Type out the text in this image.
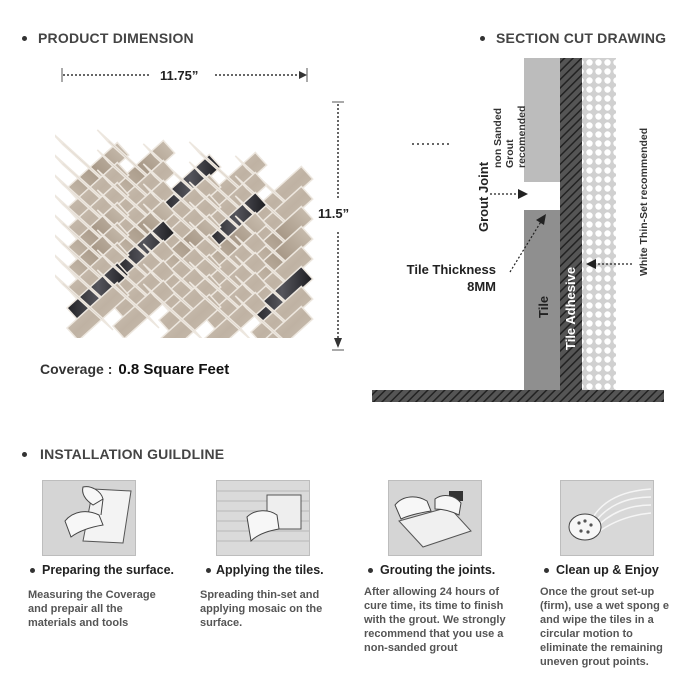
PRODUCT DIMENSION
11.75”
11.5”
Coverage : 0.8 Square Feet
SECTION CUT DRAWING
Grout Joint
non Sanded Grout recomended
Tile Tile Adhesive
White Thin-Set recommended
Tile Thickness
8MM
INSTALLATION GUILDLINE
Preparing the surface.
Measuring the Coverage and prepair all the materials and tools
Applying the tiles.
Spreading thin-set and applying mosaic on the surface.
Grouting the joints.
After allowing 24 hours of cure time, its time to finish with the grout. We strongly recommend that you use a non-sanded grout
Clean up & Enjoy
Once the grout set-up (firm), use a wet spong e and wipe the tiles in a circular motion to eliminate the remaining uneven grout points.
